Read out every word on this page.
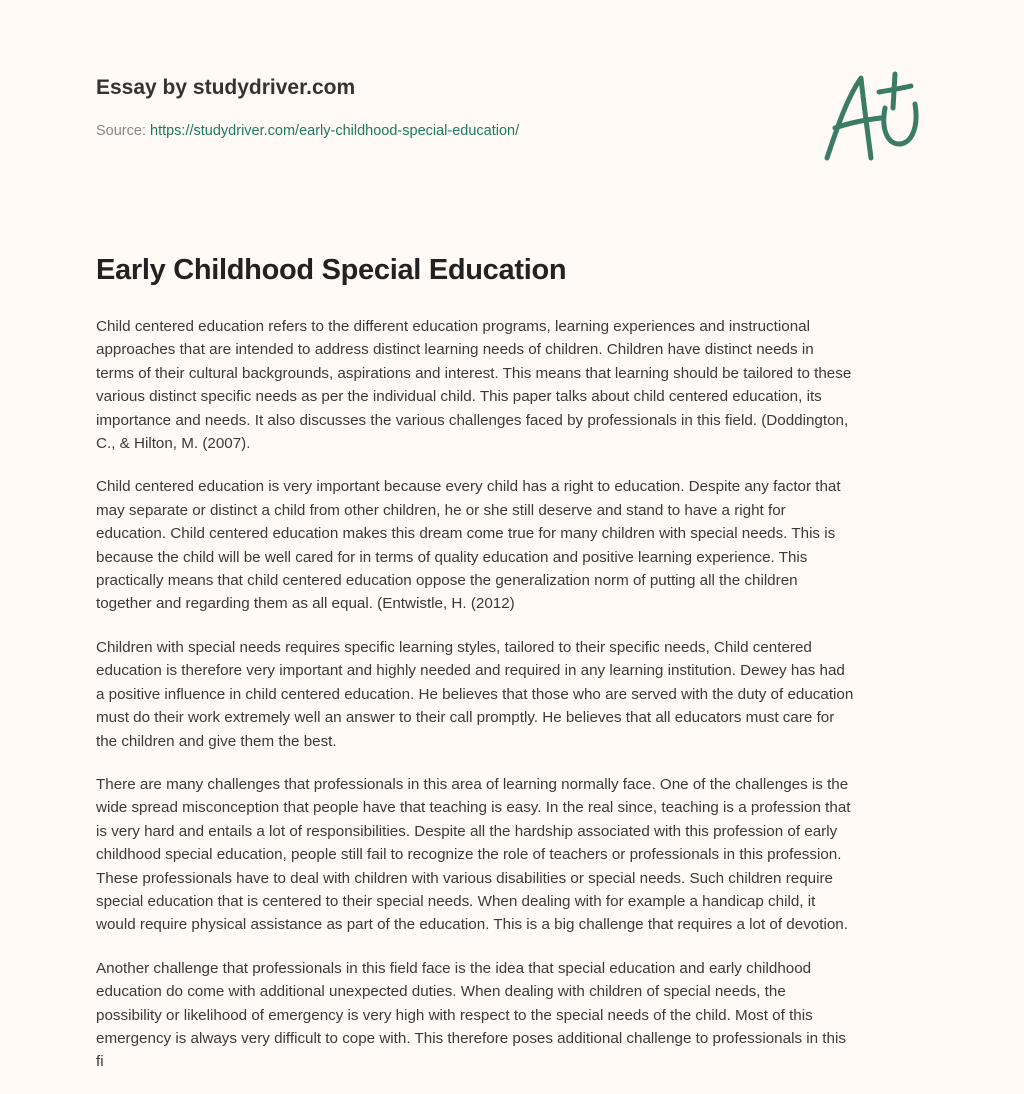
Essay by studydriver.com
Source: https://studydriver.com/early-childhood-special-education/
Early Childhood Special Education

Child centered education refers to the different education programs, learning experiences and instructional
approaches that are intended to address distinct learning needs of children. Children have distinct needs in
terms of their cultural backgrounds, aspirations and interest. This means that learning should be tailored to these
various distinct specific needs as per the individual child. This paper talks about child centered education, its
importance and needs. It also discusses the various challenges faced by professionals in this field. (Doddington,
C., & Hilton, M. (2007).

Child centered education is very important because every child has a right to education. Despite any factor that
may separate or distinct a child from other children, he or she still deserve and stand to have a right for
education. Child centered education makes this dream come true for many children with special needs. This is
because the child will be well cared for in terms of quality education and positive learning experience. This
practically means that child centered education oppose the generalization norm of putting all the children
together and regarding them as all equal. (Entwistle, H. (2012)

Children with special needs requires specific learning styles, tailored to their specific needs, Child centered
education is therefore very important and highly needed and required in any learning institution. Dewey has had
a positive influence in child centered education. He believes that those who are served with the duty of education
must do their work extremely well an answer to their call promptly. He believes that all educators must care for
the children and give them the best.

There are many challenges that professionals in this area of learning normally face. One of the challenges is the
wide spread misconception that people have that teaching is easy. In the real since, teaching is a profession that
is very hard and entails a lot of responsibilities. Despite all the hardship associated with this profession of early
childhood special education, people still fail to recognize the role of teachers or professionals in this profession.
These professionals have to deal with children with various disabilities or special needs. Such children require
special education that is centered to their special needs. When dealing with for example a handicap child, it
would require physical assistance as part of the education. This is a big challenge that requires a lot of devotion.

Another challenge that professionals in this field face is the idea that special education and early childhood
education do come with additional unexpected duties. When dealing with children of special needs, the
possibility or likelihood of emergency is very high with respect to the special needs of the child. Most of this
emergency is always very difficult to cope with. This therefore poses additional challenge to professionals in this
fi
